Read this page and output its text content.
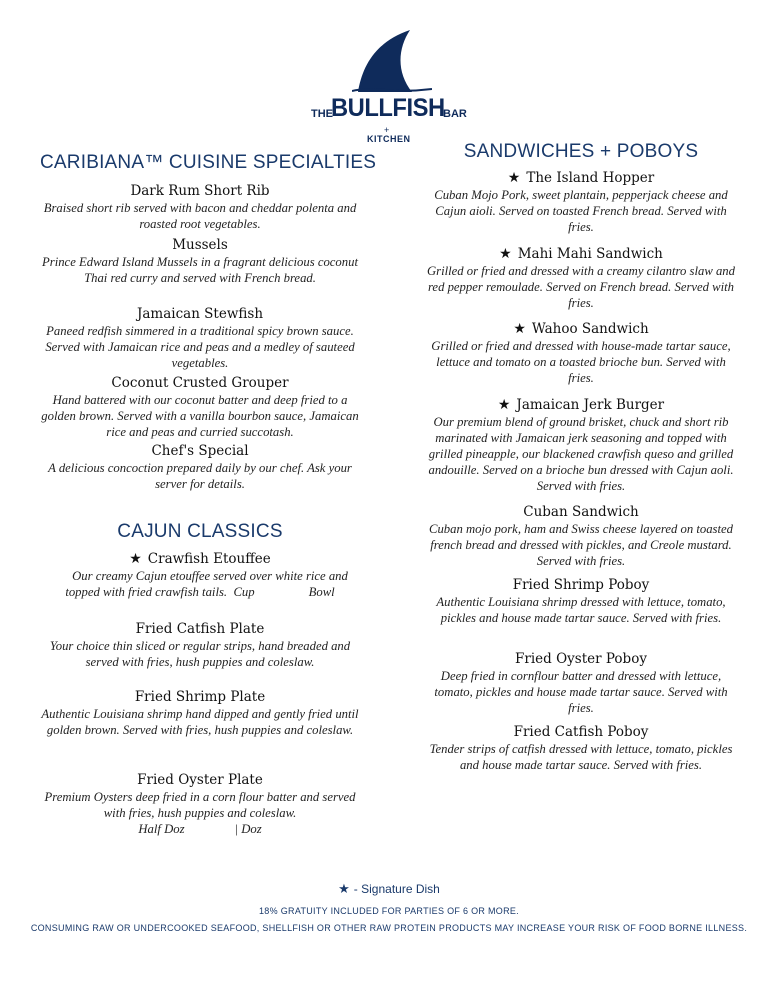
THE
BULLFISH
BAR
+
KITCHEN
CARIBIANA™ CUISINE SPECIALTIES
Dark Rum Short Rib
Braised short rib served with bacon and cheddar polenta and roasted root vegetables.
Mussels
Prince Edward Island Mussels in a fragrant delicious coconut Thai red curry and served with French bread.
Jamaican Stewfish
Paneed redfish simmered in a traditional spicy brown sauce. Served with Jamaican rice and peas and a medley of sauteed vegetables.
Coconut Crusted Grouper
Hand battered with our coconut batter and deep fried to a golden brown. Served with a vanilla bourbon sauce, Jamaican rice and peas and curried succotash.
Chef's Special
A delicious concoction prepared daily by our chef. Ask your server for details.
CAJUN CLASSICS
★ Crawfish Etouffee
Our creamy Cajun etouffee served over white rice and topped with fried crawfish tails. Cup	Bowl
Fried Catfish Plate
Your choice thin sliced or regular strips, hand breaded and served with fries, hush puppies and coleslaw.
Fried Shrimp Plate
Authentic Louisiana shrimp hand dipped and gently fried until golden brown. Served with fries, hush puppies and coleslaw.
Fried Oyster Plate
Premium Oysters deep fried in a corn flour batter and served with fries, hush puppies and coleslaw.
Half Doz	| Doz
SANDWICHES + POBOYS
★ The Island Hopper
Cuban Mojo Pork, sweet plantain, pepperjack cheese and Cajun aioli. Served on toasted French bread. Served with fries.
★ Mahi Mahi Sandwich
Grilled or fried and dressed with a creamy cilantro slaw and red pepper remoulade. Served on French bread. Served with fries.
★ Wahoo Sandwich
Grilled or fried and dressed with house-made tartar sauce, lettuce and tomato on a toasted brioche bun. Served with fries.
★ Jamaican Jerk Burger
Our premium blend of ground brisket, chuck and short rib marinated with Jamaican jerk seasoning and topped with grilled pineapple, our blackened crawfish queso and grilled andouille. Served on a brioche bun dressed with Cajun aoli. Served with fries.
Cuban Sandwich
Cuban mojo pork, ham and Swiss cheese layered on toasted french bread and dressed with pickles, and Creole mustard. Served with fries.
Fried Shrimp Poboy
Authentic Louisiana shrimp dressed with lettuce, tomato, pickles and house made tartar sauce. Served with fries.
Fried Oyster Poboy
Deep fried in cornflour batter and dressed with lettuce, tomato, pickles and house made tartar sauce. Served with fries.
Fried Catfish Poboy
Tender strips of catfish dressed with lettuce, tomato, pickles and house made tartar sauce. Served with fries.
★ - Signature Dish
18% GRATUITY INCLUDED FOR PARTIES OF 6 OR MORE.
CONSUMING RAW OR UNDERCOOKED SEAFOOD, SHELLFISH OR OTHER RAW PROTEIN PRODUCTS MAY INCREASE YOUR RISK OF FOOD BORNE ILLNESS.
